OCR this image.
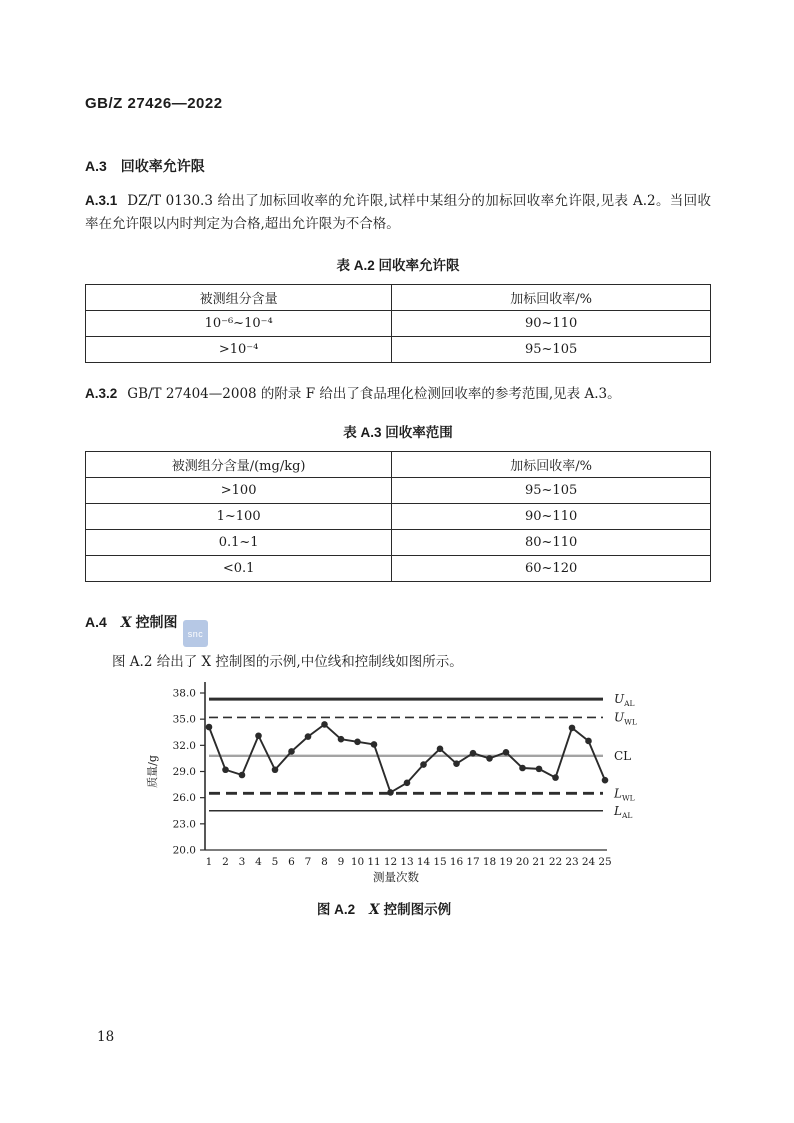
GB/Z 27426—2022
A.3 回收率允许限
A.3.1 DZ/T 0130.3 给出了加标回收率的允许限,试样中某组分的加标回收率允许限,见表 A.2。当回收率在允许限以内时判定为合格,超出允许限为不合格。
表 A.2 回收率允许限
被测组分含量	加标回收率/%
10⁻⁶~10⁻⁴	90~110
>10⁻⁴	95~105
A.3.2 GB/T 27404—2008 的附录 F 给出了食品理化检测回收率的参考范围,见表 A.3。
表 A.3 回收率范围
被测组分含量/(mg/kg)	加标回收率/%
>100	95~105
1~100	90~110
0.1~1	80~110
<0.1	60~120
A.4 X 控制图
图 A.2 给出了 X 控制图的示例,中位线和控制线如图所示。
38.0
35.0
32.0
29.0
26.0
23.0
20.0
1 2 3 4 5 6 7 8 9 10 11 12 13 14 15 16 17 18 19 20 21 22 23 24 25
质量/g
测量次数
$U_{AL}$
$U_{WL}$
CL
$L_{WL}$
$L_{AL}$
图 A.2 X 控制图示例
snc
18
